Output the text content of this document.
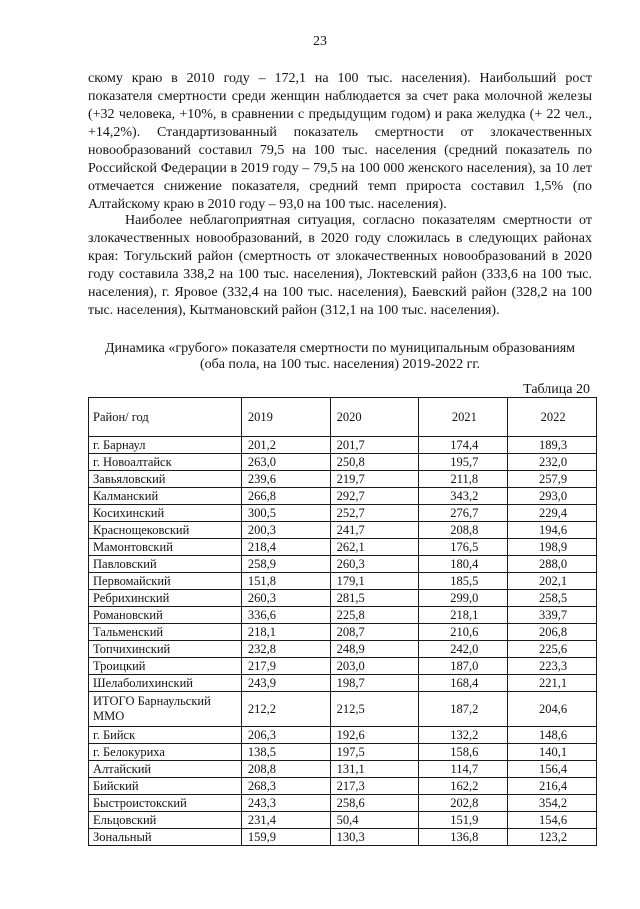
23

скому краю в 2010 году – 172,1 на 100 тыс. населения). Наибольший рост показателя смертности среди женщин наблюдается за счет рака молочной железы (+32 человека, +10%, в сравнении с предыдущим годом) и рака желудка (+ 22 чел., +14,2%). Стандартизованный показатель смертности от злокачественных новообразований составил 79,5 на 100 тыс. населения (средний показатель по Российской Федерации в 2019 году – 79,5 на 100 000 женского населения), за 10 лет отмечается снижение показателя, средний темп прироста составил 1,5% (по Алтайскому краю в 2010 году – 93,0 на 100 тыс. населения).

Наиболее неблагоприятная ситуация, согласно показателям смертности от злокачественных новообразований, в 2020 году сложилась в следующих районах края: Тогульский район (смертность от злокачественных новообразований в 2020 году составила 338,2 на 100 тыс. населения), Локтевский район (333,6 на 100 тыс. населения), г. Яровое (332,4 на 100 тыс. населения), Баевский район (328,2 на 100 тыс. населения), Кытмановский район (312,1 на 100 тыс. населения).

Динамика «грубого» показателя смертности по муниципальным образованиям
(оба пола, на 100 тыс. населения) 2019-2022 гг.
Таблица 20
Район/ год	2019	2020	2021	2022
г. Барнаул	201,2	201,7	174,4	189,3
г. Новоалтайск	263,0	250,8	195,7	232,0
Завьяловский	239,6	219,7	211,8	257,9
Калманский	266,8	292,7	343,2	293,0
Косихинский	300,5	252,7	276,7	229,4
Краснощековский	200,3	241,7	208,8	194,6
Мамонтовский	218,4	262,1	176,5	198,9
Павловский	258,9	260,3	180,4	288,0
Первомайский	151,8	179,1	185,5	202,1
Ребрихинский	260,3	281,5	299,0	258,5
Романовский	336,6	225,8	218,1	339,7
Тальменский	218,1	208,7	210,6	206,8
Топчихинский	232,8	248,9	242,0	225,6
Троицкий	217,9	203,0	187,0	223,3
Шелаболихинский	243,9	198,7	168,4	221,1
ИТОГО Барнаульский ММО	212,2	212,5	187,2	204,6
г. Бийск	206,3	192,6	132,2	148,6
г. Белокуриха	138,5	197,5	158,6	140,1
Алтайский	208,8	131,1	114,7	156,4
Бийский	268,3	217,3	162,2	216,4
Быстроистокский	243,3	258,6	202,8	354,2
Ельцовский	231,4	50,4	151,9	154,6
Зональный	159,9	130,3	136,8	123,2
